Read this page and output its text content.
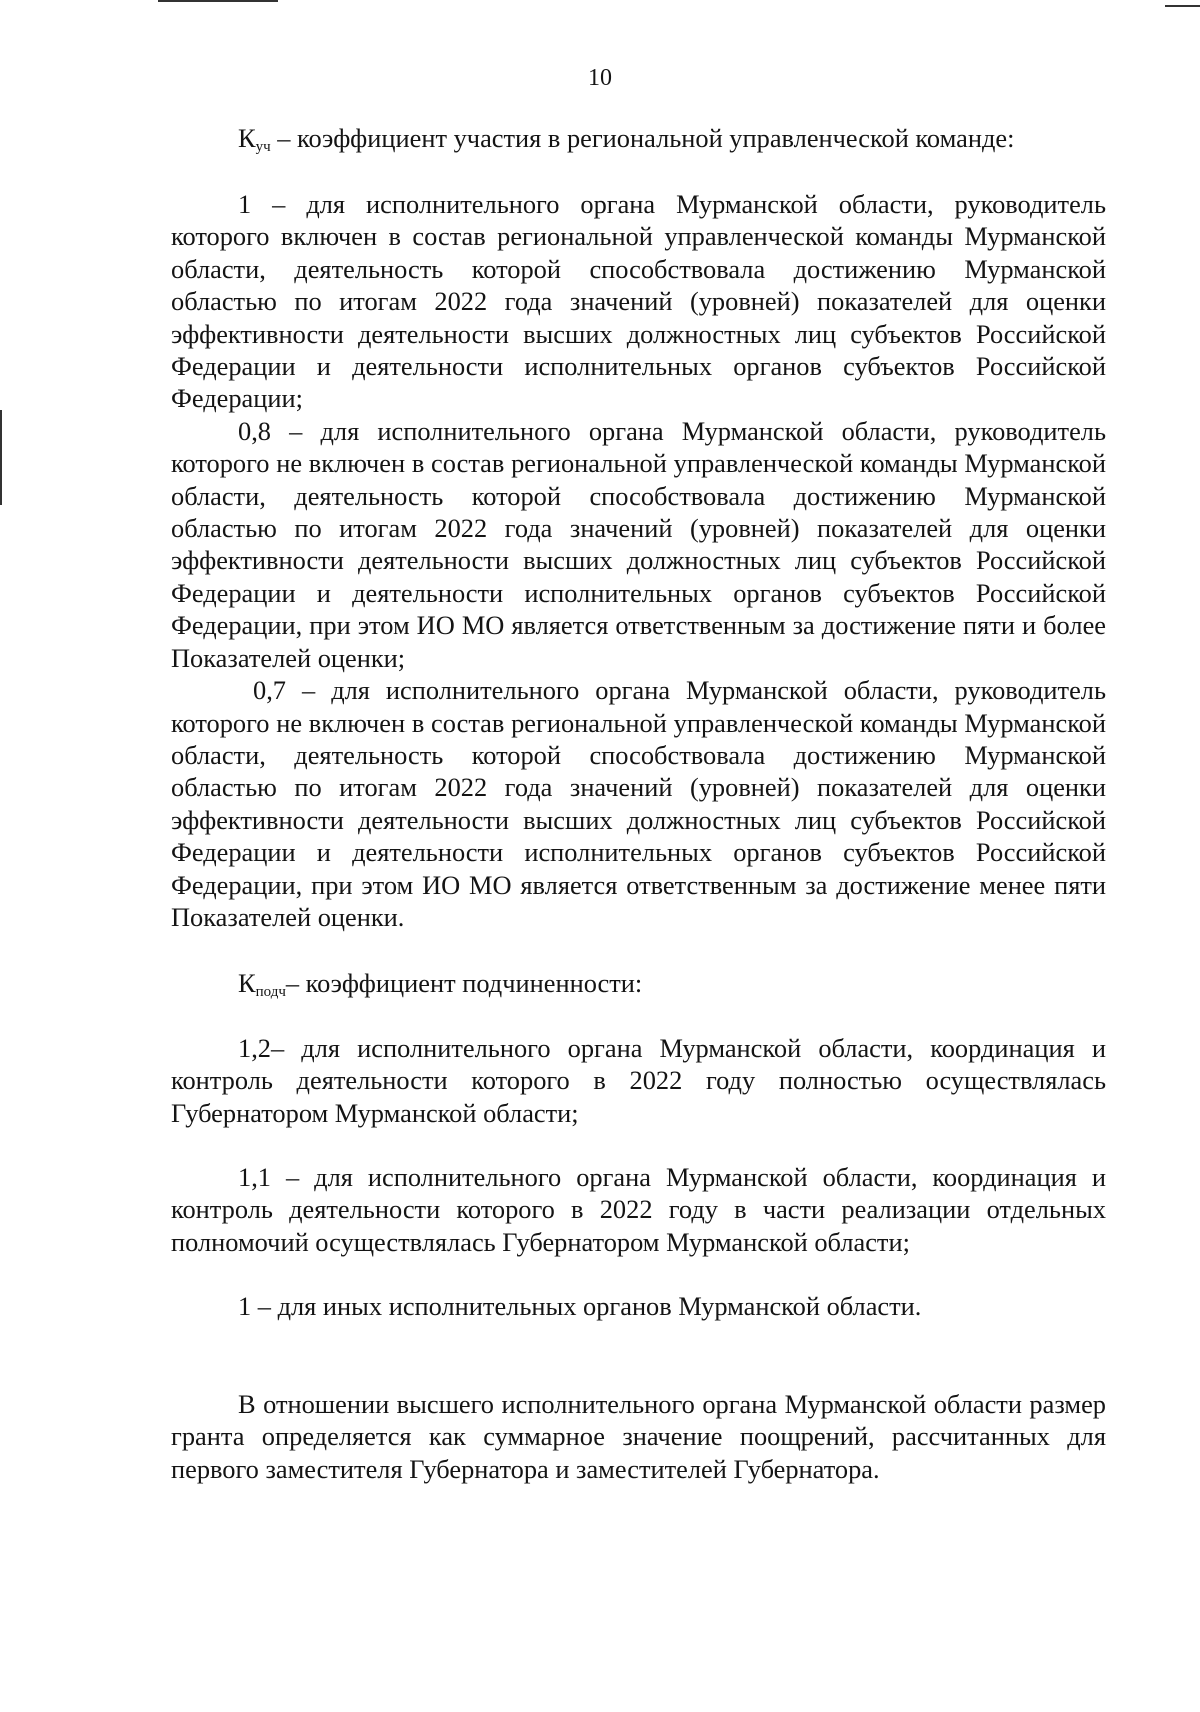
10

$К_{уч}$ – коэффициент участия в региональной управленческой команде:

1 – для исполнительного органа Мурманской области, руководитель которого включен в состав региональной управленческой команды Мурманской области, деятельность которой способствовала достижению Мурманской областью по итогам 2022 года значений (уровней) показателей для оценки эффективности деятельности высших должностных лиц субъектов Российской Федерации и деятельности исполнительных органов субъектов Российской Федерации;

0,8 – для исполнительного органа Мурманской области, руководитель которого не включен в состав региональной управленческой команды Мурманской области, деятельность которой способствовала достижению Мурманской областью по итогам 2022 года значений (уровней) показателей для оценки эффективности деятельности высших должностных лиц субъектов Российской Федерации и деятельности исполнительных органов субъектов Российской Федерации, при этом ИО МО является ответственным за достижение пяти и более Показателей оценки;

0,7 – для исполнительного органа Мурманской области, руководитель которого не включен в состав региональной управленческой команды Мурманской области, деятельность которой способствовала достижению Мурманской областью по итогам 2022 года значений (уровней) показателей для оценки эффективности деятельности высших должностных лиц субъектов Российской Федерации и деятельности исполнительных органов субъектов Российской Федерации, при этом ИО МО является ответственным за достижение менее пяти Показателей оценки.

$К_{подч}-$ коэффициент подчиненности:

1,2– для исполнительного органа Мурманской области, координация и контроль деятельности которого в 2022 году полностью осуществлялась Губернатором Мурманской области;

1,1 – для исполнительного органа Мурманской области, координация и контроль деятельности которого в 2022 году в части реализации отдельных полномочий осуществлялась Губернатором Мурманской области;

1 – для иных исполнительных органов Мурманской области.

В отношении высшего исполнительного органа Мурманской области размер гранта определяется как суммарное значение поощрений, рассчитанных для первого заместителя Губернатора и заместителей Губернатора.
